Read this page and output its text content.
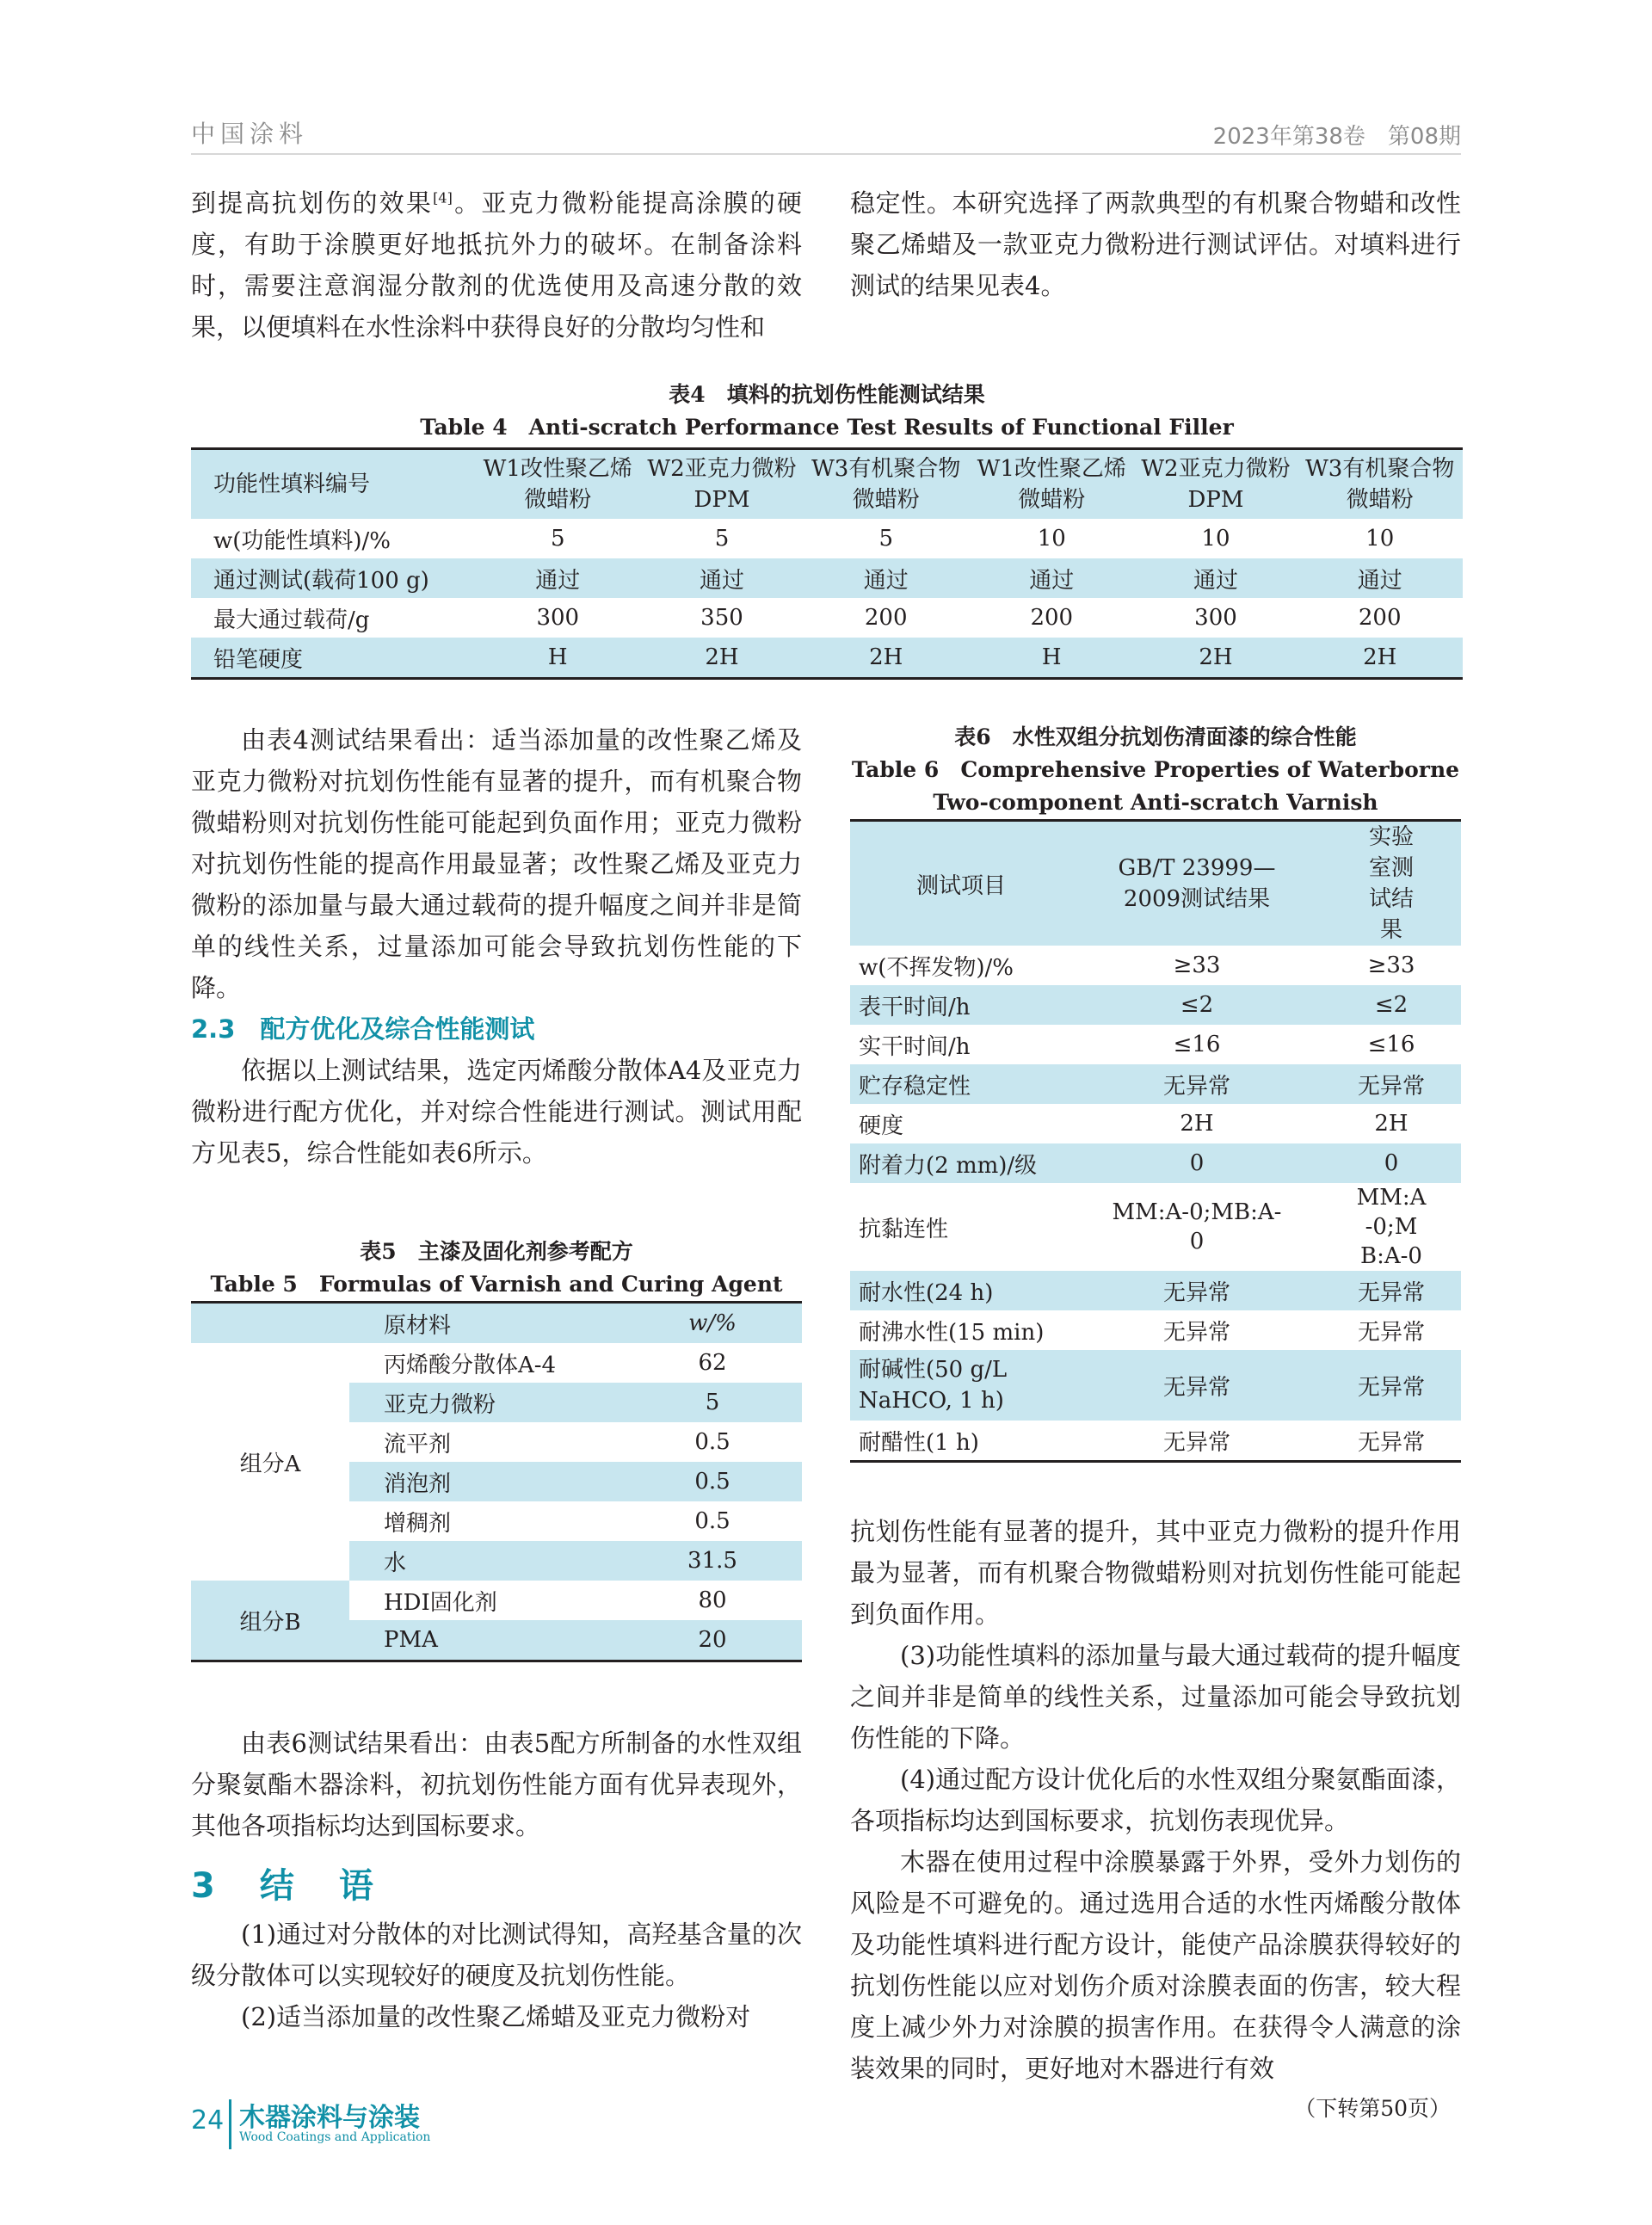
中国涂料	2023年第38卷　第08期

到提高抗划伤的效果[4]。亚克力微粉能提高涂膜的硬度，有助于涂膜更好地抵抗外力的破坏。在制备涂料时，需要注意润湿分散剂的优选使用及高速分散的效果，以便填料在水性涂料中获得良好的分散均匀性和

稳定性。本研究选择了两款典型的有机聚合物蜡和改性聚乙烯蜡及一款亚克力微粉进行测试评估。对填料进行测试的结果见表4。

表4　填料的抗划伤性能测试结果
Table 4　Anti-scratch Performance Test Results of Functional Filler
功能性填料编号	W1改性聚乙烯微蜡粉	W2亚克力微粉DPM	W3有机聚合物微蜡粉	W1改性聚乙烯微蜡粉	W2亚克力微粉DPM	W3有机聚合物微蜡粉
w(功能性填料)/%	5	5	5	10	10	10
通过测试(载荷100 g)	通过	通过	通过	通过	通过	通过
最大通过载荷/g	300	350	200	200	300	200
铅笔硬度	H	2H	2H	H	2H	2H

由表4测试结果看出：适当添加量的改性聚乙烯及亚克力微粉对抗划伤性能有显著的提升，而有机聚合物微蜡粉则对抗划伤性能可能起到负面作用；亚克力微粉对抗划伤性能的提高作用最显著；改性聚乙烯及亚克力微粉的添加量与最大通过载荷的提升幅度之间并非是简单的线性关系，过量添加可能会导致抗划伤性能的下降。

2.3　配方优化及综合性能测试

依据以上测试结果，选定丙烯酸分散体A4及亚克力微粉进行配方优化，并对综合性能进行测试。测试用配方见表5，综合性能如表6所示。

表5　主漆及固化剂参考配方
Table 5　Formulas of Varnish and Curing Agent
	原材料	w/%
组分A	丙烯酸分散体A-4	62
	亚克力微粉	5
	流平剂	0.5
	消泡剂	0.5
	增稠剂	0.5
	水	31.5
组分B	HDI固化剂	80
	PMA	20

由表6测试结果看出：由表5配方所制备的水性双组分聚氨酯木器涂料，初抗划伤性能方面有优异表现外，其他各项指标均达到国标要求。

3　结　语

(1)通过对分散体的对比测试得知，高羟基含量的次级分散体可以实现较好的硬度及抗划伤性能。

(2)适当添加量的改性聚乙烯蜡及亚克力微粉对

表6　水性双组分抗划伤清面漆的综合性能
Table 6　Comprehensive Properties of Waterborne
Two-component Anti-scratch Varnish
测试项目	GB/T 23999—2009测试结果	实验室测试结果
w(不挥发物)/%	≥33	≥33
表干时间/h	≤2	≤2
实干时间/h	≤16	≤16
贮存稳定性	无异常	无异常
硬度	2H	2H
附着力(2 mm)/级	0	0
抗黏连性	MM:A-0;MB:A-0	MM:A-0;MB:A-0
耐水性(24 h)	无异常	无异常
耐沸水性(15 min)	无异常	无异常
耐碱性(50 g/L NaHCO, 1 h)	无异常	无异常
耐醋性(1 h)	无异常	无异常

抗划伤性能有显著的提升，其中亚克力微粉的提升作用最为显著，而有机聚合物微蜡粉则对抗划伤性能可能起到负面作用。

(3)功能性填料的添加量与最大通过载荷的提升幅度之间并非是简单的线性关系，过量添加可能会导致抗划伤性能的下降。

(4)通过配方设计优化后的水性双组分聚氨酯面漆，各项指标均达到国标要求，抗划伤表现优异。

木器在使用过程中涂膜暴露于外界，受外力划伤的风险是不可避免的。通过选用合适的水性丙烯酸分散体及功能性填料进行配方设计，能使产品涂膜获得较好的抗划伤性能以应对划伤介质对涂膜表面的伤害，较大程度上减少外力对涂膜的损害作用。在获得令人满意的涂装效果的同时，更好地对木器进行有效

（下转第50页）
24 木器涂料与涂装
Wood Coatings and Application
